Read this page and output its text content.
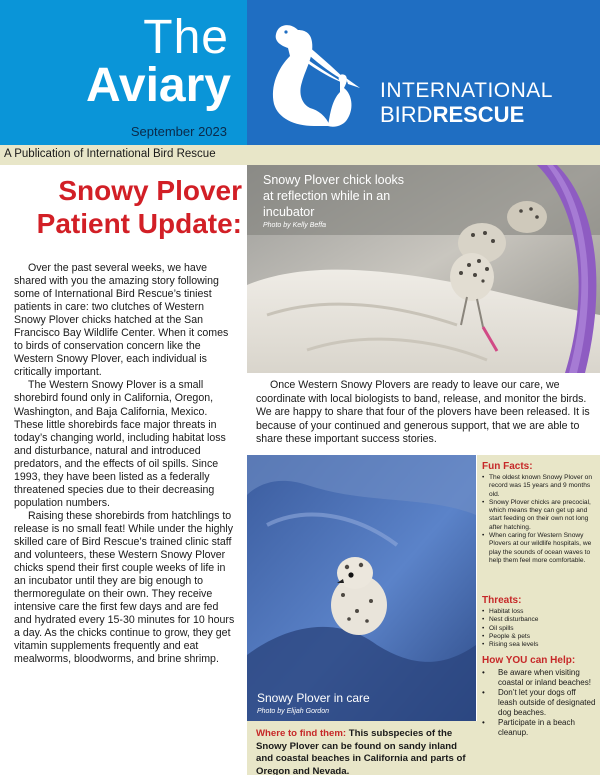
The
Aviary
September 2023
INTERNATIONAL
BIRDRESCUE
A Publication of International Bird Rescue
Snowy Plover
Patient Update:

Over the past several weeks, we have shared with you the amazing story following some of International Bird Rescue’s tiniest patients in care: two clutches of Western Snowy Plover chicks hatched at the San Francisco Bay Wildlife Center. When it comes to birds of conservation concern like the Western Snowy Plover, each individual is critically important.

The Western Snowy Plover is a small shorebird found only in California, Oregon, Washington, and Baja California, Mexico. These little shorebirds face major threats in today’s changing world, including habitat loss and disturbance, natural and introduced predators, and the effects of oil spills. Since 1993, they have been listed as a federally threatened species due to their decreasing population numbers.

Raising these shorebirds from hatchlings to release is no small feat! While under the highly skilled care of Bird Rescue’s trained clinic staff and volunteers, these Western Snowy Plover chicks spend their first couple weeks of life in an incubator until they are big enough to thermoregulate on their own. They receive intensive care the first few days and are fed and hydrated every 15-30 minutes for 10 hours a day. As the chicks continue to grow, they get vitamin supplements frequently and eat mealworms, bloodworms, and brine shrimp.

Snowy Plover chick looks at reflection while in an incubator
Photo by Kelly Beffa
Once Western Snowy Plovers are ready to leave our care, we coordinate with local biologists to band, release, and monitor the birds. We are happy to share that four of the plovers have been released. It is because of your continued and generous support, that we are able to share these important success stories.
Snowy Plover in care
Photo by Elijah Gordon
Fun Facts:
• The oldest known Snowy Plover on record was 15 years and 9 months old.
• Snowy Plover chicks are precocial, which means they can get up and start feeding on their own not long after hatching.
• When caring for Western Snowy Plovers at our wildlife hospitals, we play the sounds of ocean waves to help them feel more comfortable.
Threats:
• Habitat loss
• Nest disturbance
• Oil spills
• People & pets
• Rising sea levels
How YOU can Help:
• Be aware when visiting coastal or inland beaches!
• Don’t let your dogs off leash outside of designated dog beaches.
• Participate in a beach cleanup.
Where to find them: This subspecies of the Snowy Plover can be found on sandy inland and coastal beaches in California and parts of Oregon and Nevada.
